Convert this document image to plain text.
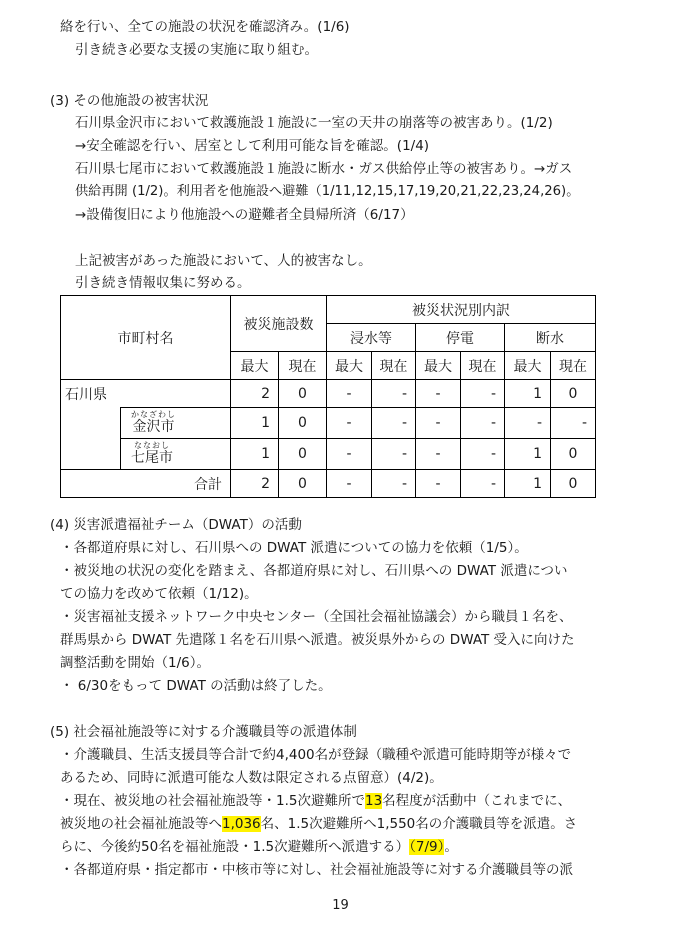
絡を行い、全ての施設の状況を確認済み。(1/6)
引き続き必要な支援の実施に取り組む。
(3) その他施設の被害状況
石川県金沢市において救護施設１施設に一室の天井の崩落等の被害あり。(1/2)
→安全確認を行い、居室として利用可能な旨を確認。(1/4)
石川県七尾市において救護施設１施設に断水・ガス供給停止等の被害あり。→ガス
供給再開 (1/2)。利用者を他施設へ避難（1/11,12,15,17,19,20,21,22,23,24,26)。
→設備復旧により他施設への避難者全員帰所済（6/17）
上記被害があった施設において、人的被害なし。
引き続き情報収集に努める。
市町村名		被災施設数		被災状況別内訳					
				浸水等		停電		断水	
		最大	現在	最大	現在	最大	現在	最大	現在
石川県		2	0	-	-	-	-	1	0

	かなざわし
金沢市	1	0	-	-	-	-	-	-

	ななおし
七尾市	1	0	-	-	-	-	1	0
合計		2	0	-	-	-	-	1	0
(4) 災害派遣福祉チーム（DWAT）の活動
・各都道府県に対し、石川県への DWAT 派遣についての協力を依頼（1/5）。
・被災地の状況の変化を踏まえ、各都道府県に対し、石川県への DWAT 派遣につい
ての協力を改めて依頼（1/12)。
・災害福祉支援ネットワーク中央センター（全国社会福祉協議会）から職員１名を、
群馬県から DWAT 先遣隊１名を石川県へ派遣。被災県外からの DWAT 受入に向けた
調整活動を開始（1/6）。
・ 6/30をもって DWAT の活動は終了した。
(5) 社会福祉施設等に対する介護職員等の派遣体制
・介護職員、生活支援員等合計で約4,400名が登録（職種や派遣可能時期等が様々で
あるため、同時に派遣可能な人数は限定される点留意）(4/2)。
・現在、被災地の社会福祉施設等・1.5次避難所で13名程度が活動中（これまでに、
被災地の社会福祉施設等へ1,036名、1.5次避難所へ1,550名の介護職員等を派遣。さ
らに、今後約50名を福祉施設・1.5次避難所へ派遣する）（7/9）。
・各都道府県・指定都市・中核市等に対し、社会福祉施設等に対する介護職員等の派
19
